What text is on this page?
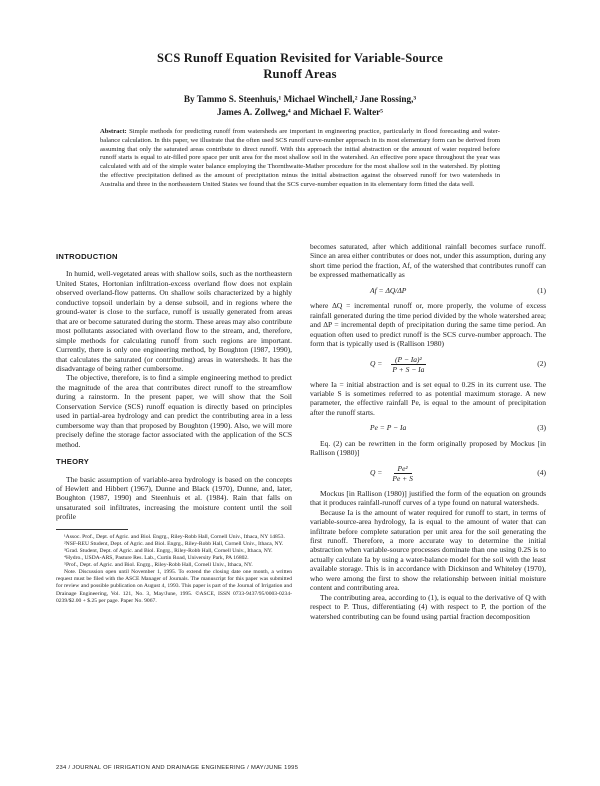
SCS Runoff Equation Revisited for Variable-Source
Runoff Areas
By Tammo S. Steenhuis,¹ Michael Winchell,² Jane Rossing,³
James A. Zollweg,⁴ and Michael F. Walter⁵

Abstract: Simple methods for predicting runoff from watersheds are important in engineering practice, particularly in flood forecasting and water-balance calculation. In this paper, we illustrate that the often used SCS runoff curve-number approach in its most elementary form can be derived from assuming that only the saturated areas contribute to direct runoff. With this approach the initial abstraction or the amount of water required before runoff starts is equal to air-filled pore space per unit area for the most shallow soil in the watershed. An effective pore space throughout the year was calculated with aid of the simple water balance employing the Thornthwaite-Mather procedure for the most shallow soil in the watershed. By plotting the effective precipitation defined as the amount of precipitation minus the initial abstraction against the observed runoff for two watersheds in Australia and three in the northeastern United States we found that the SCS curve-number equation in its elementary form fitted the data well.

INTRODUCTION

In humid, well-vegetated areas with shallow soils, such as the northeastern United States, Hortonian infiltration-excess overland flow does not explain observed overland-flow patterns. On shallow soils characterized by a highly conductive topsoil underlain by a dense subsoil, and in regions where the ground-water is close to the surface, runoff is usually generated from areas that are or become saturated during the storm. These areas may also contribute most pollutants associated with overland flow to the stream, and, therefore, simple methods for calculating runoff from such regions are important. Currently, there is only one engineering method, by Boughton (1987, 1990), that calculates the saturated (or contributing) areas in watersheds. It has the disadvantage of being rather cumbersome.

The objective, therefore, is to find a simple engineering method to predict the magnitude of the area that contributes direct runoff to the streamflow during a rainstorm. In the present paper, we will show that the Soil Conservation Service (SCS) runoff equation is directly based on principles used in partial-area hydrology and can predict the contributing area in a less cumbersome way than that proposed by Boughton (1990). Also, we will more precisely define the storage factor associated with the application of the SCS method.

THEORY

The basic assumption of variable-area hydrology is based on the concepts of Hewlett and Hibbert (1967), Dunne and Black (1970), Dunne, and, later, Boughton (1987, 1990) and Steenhuis et al. (1984). Rain that falls on unsaturated soil infiltrates, increasing the moisture content until the soil profile

¹Assoc. Prof., Dept. of Agric. and Biol. Engrg., Riley-Robb Hall, Cornell Univ., Ithaca, NY 14853.

²NSF-REU Student, Dept. of Agric. and Biol. Engrg., Riley-Robb Hall, Cornell Univ., Ithaca, NY.

³Grad. Student, Dept. of Agric. and Biol. Engrg., Riley-Robb Hall, Cornell Univ., Ithaca, NY.

⁴Hydro., USDA-ARS, Pasture Res. Lab., Curtin Road, University Park, PA 16802.

⁵Prof., Dept. of Agric. and Biol. Engrg., Riley-Robb Hall, Cornell Univ., Ithaca, NY.

Note. Discussion open until November 1, 1995. To extend the closing date one month, a written request must be filed with the ASCE Manager of Journals. The manuscript for this paper was submitted for review and possible publication on August 4, 1993. This paper is part of the Journal of Irrigation and Drainage Engineering, Vol. 121, No. 3, May/June, 1995. ©ASCE, ISSN 0733-9437/95/0003-0234-0239/$2.00 + $.25 per page. Paper No. 9067.

becomes saturated, after which additional rainfall becomes surface runoff. Since an area either contributes or does not, under this assumption, during any short time period the fraction, Af, of the watershed that contributes runoff can be expressed mathematically as

Af = ΔQ/ΔP	(1)

where ΔQ = incremental runoff or, more properly, the volume of excess rainfall generated during the time period divided by the whole watershed area; and ΔP = incremental depth of precipitation during the same time period. An equation often used to predict runoff is the SCS curve-number approach. The form that is typically used is (Rallison 1980)

$Q = \frac{\text{(P − Ia)²}}{P + S - Ia}$	(2)

where Ia = initial abstraction and is set equal to 0.2S in its current use. The variable S is sometimes referred to as potential maximum storage. A new parameter, the effective rainfall Pe, is equal to the amount of precipitation after the runoff starts.

Pe = P − Ia	(3)

Eq. (2) can be rewritten in the form originally proposed by Mockus [in Rallison (1980)]

$Q = \frac{\text{Pe²}}{Pe + S}$	(4)

Mockus [in Rallison (1980)] justified the form of the equation on grounds that it produces rainfall-runoff curves of a type found on natural watersheds.

Because Ia is the amount of water required for runoff to start, in terms of variable-source-area hydrology, Ia is equal to the amount of water that can infiltrate before complete saturation per unit area for the soil generating the first runoff. Therefore, a more accurate way to determine the initial abstraction when variable-source processes dominate than one using 0.2S is to actually calculate Ia by using a water-balance model for the soil with the least available storage. This is in accordance with Dickinson and Whiteley (1970), who were among the first to show the relationship between initial moisture content and contributing area.

The contributing area, according to (1), is equal to the derivative of Q with respect to P. Thus, differentiating (4) with respect to P, the portion of the watershed contributing can be found using partial fraction decomposition

234 / JOURNAL OF IRRIGATION AND DRAINAGE ENGINEERING / MAY/JUNE 1995
